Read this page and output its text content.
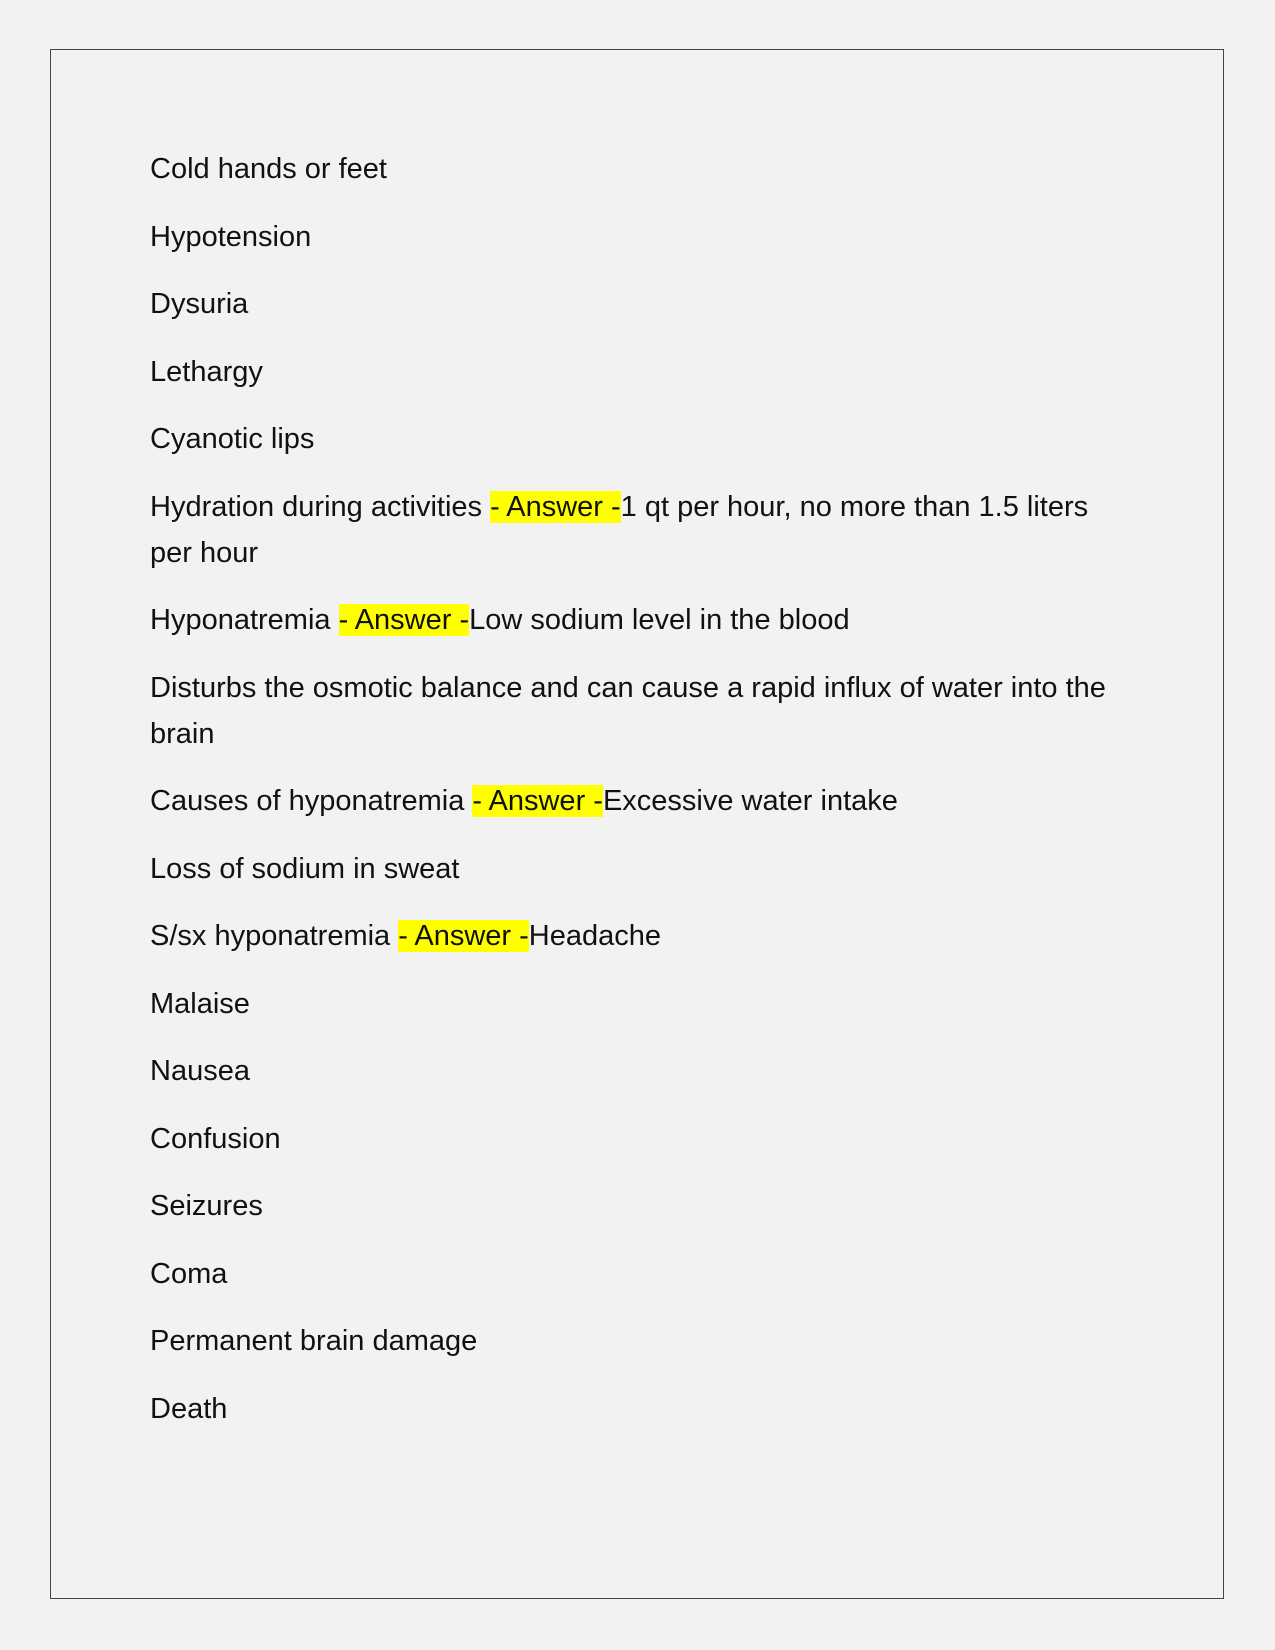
Cold hands or feet
Hypotension
Dysuria
Lethargy
Cyanotic lips
Hydration during activities - Answer -1 qt per hour, no more than 1.5 liters per hour
Hyponatremia - Answer -Low sodium level in the blood
Disturbs the osmotic balance and can cause a rapid influx of water into the brain
Causes of hyponatremia - Answer -Excessive water intake
Loss of sodium in sweat
S/sx hyponatremia - Answer -Headache
Malaise
Nausea
Confusion
Seizures
Coma
Permanent brain damage
Death
